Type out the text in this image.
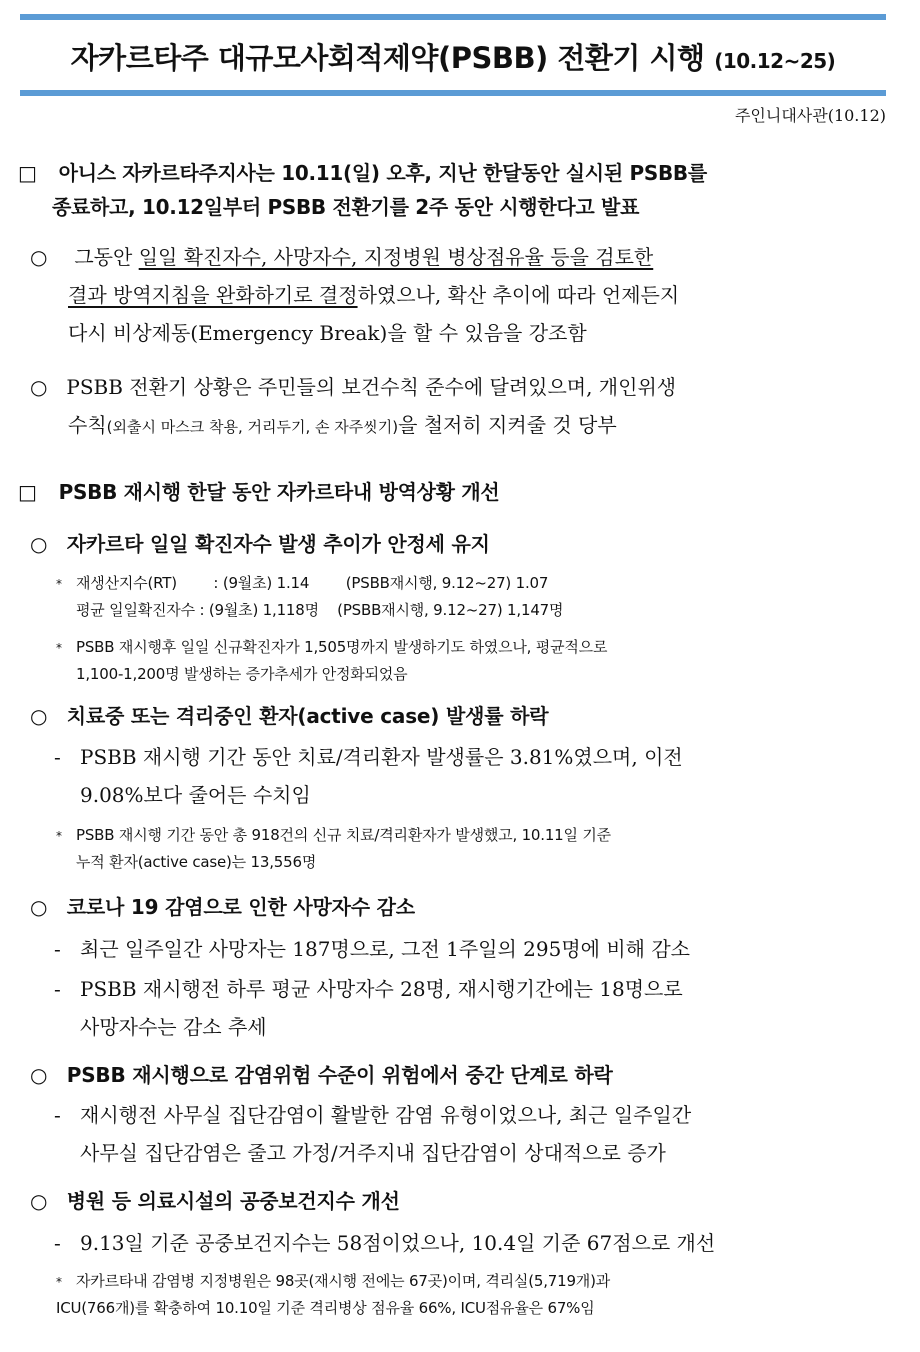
자카르타주 대규모사회적제약(PSBB) 전환기 시행 (10.12~25)
주인니대사관(10.12)
□ 아니스 자카르타주지사는 10.11(일) 오후, 지난 한달동안 실시된 PSBB를
종료하고, 10.12일부터 PSBB 전환기를 2주 동안 시행한다고 발표
○ 그동안 일일 확진자수, 사망자수, 지정병원 병상점유율 등을 검토한
결과 방역지침을 완화하기로 결정하였으나, 확산 추이에 따라 언제든지
다시 비상제동(Emergency Break)을 할 수 있음을 강조함
○ PSBB 전환기 상황은 주민들의 보건수칙 준수에 달려있으며, 개인위생
수칙(외출시 마스크 착용, 거리두기, 손 자주씻기)을 철저히 지켜줄 것 당부
□ PSBB 재시행 한달 동안 자카르타내 방역상황 개선
○ 자카르타 일일 확진자수 발생 추이가 안정세 유지
* 재생산지수(RT)        : (9월초) 1.14        (PSBB재시행, 9.12~27) 1.07
평균 일일확진자수 : (9월초) 1,118명    (PSBB재시행, 9.12~27) 1,147명
* PSBB 재시행후 일일 신규확진자가 1,505명까지 발생하기도 하였으나, 평균적으로
1,100-1,200명 발생하는 증가추세가 안정화되었음
○ 치료중 또는 격리중인 환자(active case) 발생률 하락
- PSBB 재시행 기간 동안 치료/격리환자 발생률은 3.81%였으며, 이전
9.08%보다 줄어든 수치임
* PSBB 재시행 기간 동안 총 918건의 신규 치료/격리환자가 발생했고, 10.11일 기준
누적 환자(active case)는 13,556명
○ 코로나 19 감염으로 인한 사망자수 감소
- 최근 일주일간 사망자는 187명으로, 그전 1주일의 295명에 비해 감소
- PSBB 재시행전 하루 평균 사망자수 28명, 재시행기간에는 18명으로
사망자수는 감소 추세
○ PSBB 재시행으로 감염위험 수준이 위험에서 중간 단계로 하락
- 재시행전 사무실 집단감염이 활발한 감염 유형이었으나, 최근 일주일간
사무실 집단감염은 줄고 가정/거주지내 집단감염이 상대적으로 증가
○ 병원 등 의료시설의 공중보건지수 개선
- 9.13일 기준 공중보건지수는 58점이었으나, 10.4일 기준 67점으로 개선
* 자카르타내 감염병 지정병원은 98곳(재시행 전에는 67곳)이며, 격리실(5,719개)과
ICU(766개)를 확충하여 10.10일 기준 격리병상 점유율 66%, ICU점유율은 67%임
